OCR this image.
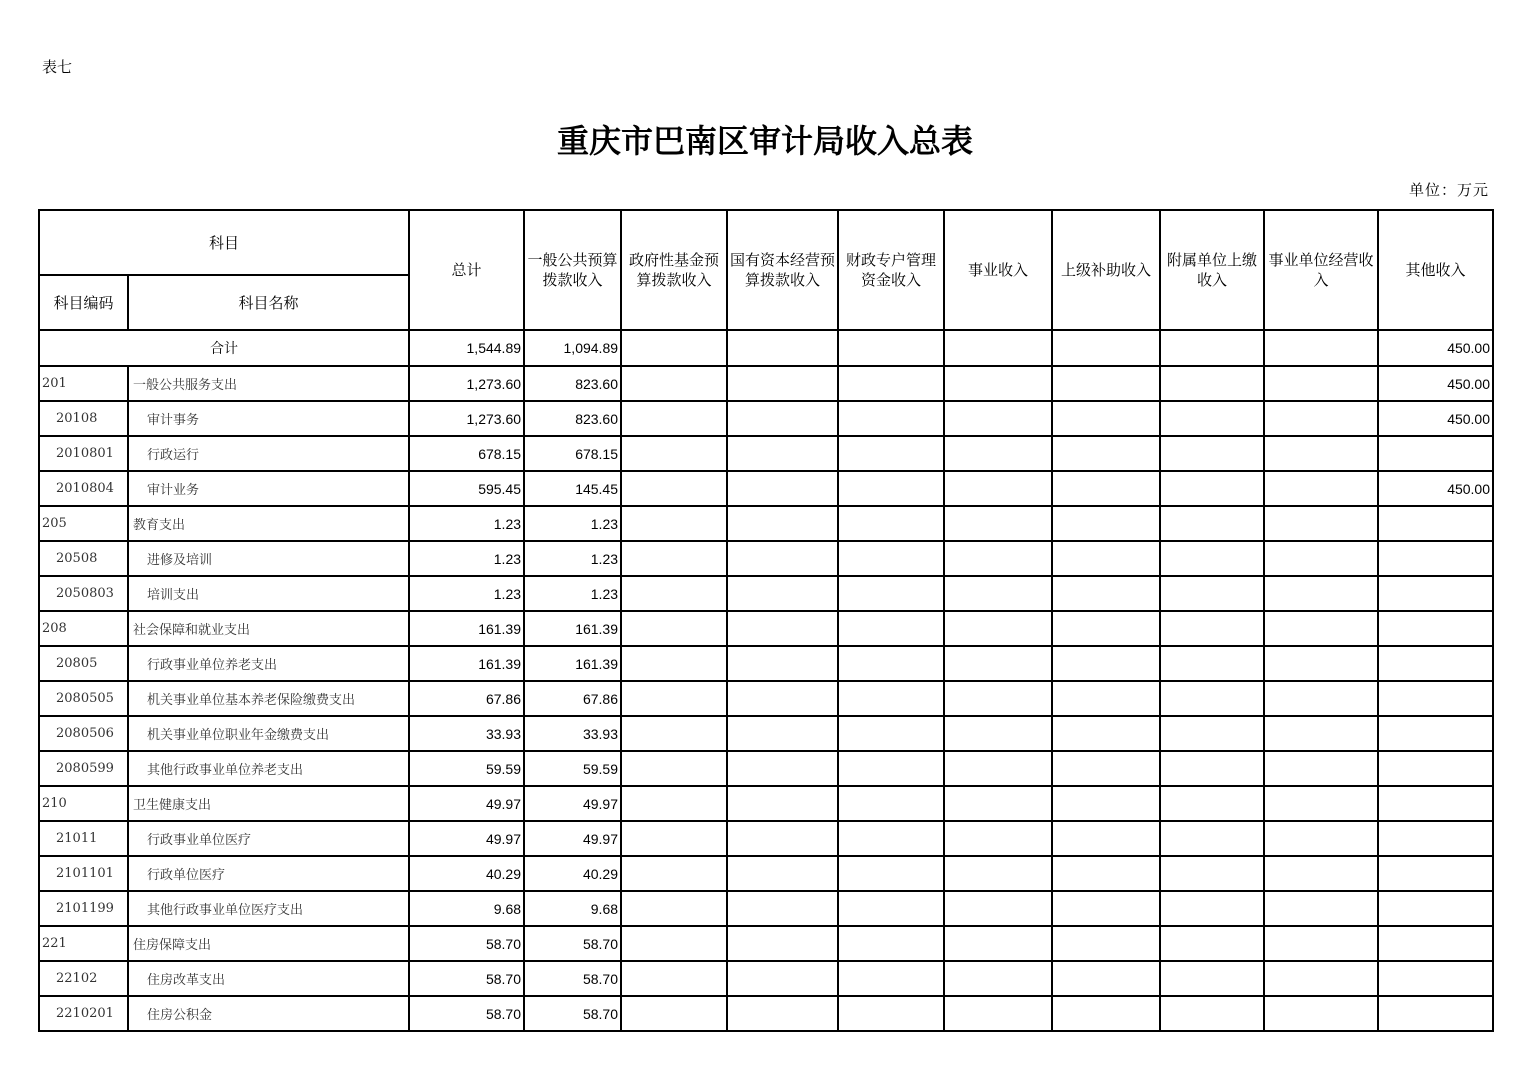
表七
重庆市巴南区审计局收入总表
单位：万元
科目		总计	一般公共预算拨款收入	政府性基金预算拨款收入	国有资本经营预算拨款收入	财政专户管理资金收入	事业收入	上级补助收入	附属单位上缴收入	事业单位经营收入	其他收入
科目编码	科目名称										
合计		1,544.89	1,094.89								450.00
201	一般公共服务支出	1,273.60	823.60								450.00
20108	审计事务	1,273.60	823.60								450.00
2010801	行政运行	678.15	678.15								
2010804	审计业务	595.45	145.45								450.00
205	教育支出	1.23	1.23								
20508	进修及培训	1.23	1.23								
2050803	培训支出	1.23	1.23								
208	社会保障和就业支出	161.39	161.39								
20805	行政事业单位养老支出	161.39	161.39								
2080505	机关事业单位基本养老保险缴费支出	67.86	67.86								
2080506	机关事业单位职业年金缴费支出	33.93	33.93								
2080599	其他行政事业单位养老支出	59.59	59.59								
210	卫生健康支出	49.97	49.97								
21011	行政事业单位医疗	49.97	49.97								
2101101	行政单位医疗	40.29	40.29								
2101199	其他行政事业单位医疗支出	9.68	9.68								
221	住房保障支出	58.70	58.70								
22102	住房改革支出	58.70	58.70								
2210201	住房公积金	58.70	58.70								
